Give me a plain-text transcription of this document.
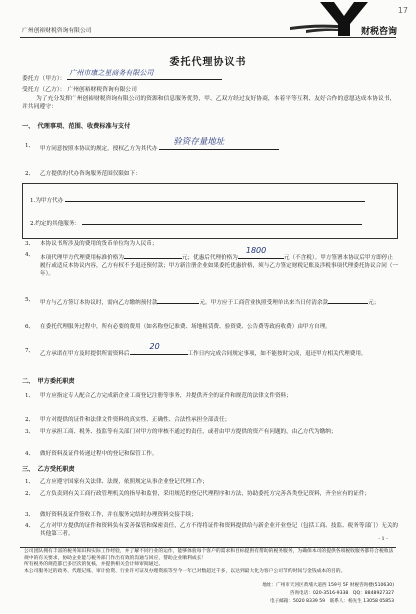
广州创裕财税咨询有限公司
17
财税咨询
委托代理协议书
委托方（甲方）：
广州市康之星商务有限公司
受托方（乙方）： 广州创裕财税咨询有限公司
为了充分发挥广州创裕财税咨询有限公司的资源和信息服务优势，甲、乙双方经过友好协商，本着平等互利、友好合作的意愿达成本协议书，并共同遵守：
一、　代理事项、范围、收费标准与支付
1、 甲方同意按照本协议的规定，授权乙方为其代办
验资存量地址
2、 乙方提供的代办咨询服务范围仅限如下：
1.为甲方代办
2.约定的其他服务：
3、 本协议书所涉及的费用的货币单位均为人民币；
4、 本项代理甲方代理费用标准价格为	元；优惠后代理价格为
1800
元（不含税）。甲方签署本协议后甲方即停止履行或适反本协议内容，乙方有权不予退还预付款；甲方新注册企业如果委托优惠价格，须与乙方签定财税记账及涉税事项代理委托协议合同（一年）。
5、 甲方与乙方签订本协议时，需向乙方缴纳预付款	元。甲方应于工商营业执照受理单出来当日付清余款	元；
6、 在委托代理服务过程中，所有必要的费用（如名称登记准费、场地租赁费、验资费、公告费等政府收费）由甲方自理。
7、 乙方承诺在甲方及时提供所需资料后
20
工作日内完成合同规定事项，如不能按时完成，退还甲方相关代理费用。
二、　甲方委托职责
1、 甲方应指定专人配合乙方完成新企业工商登记注册等事务，并提供齐全的证件和规范的法律文件资料；
2、 甲方对提供的证件和法律文件资料的真实性、正确性、合法性承担全部责任；
3、 甲方承担工商、税务、技监等有关部门对甲方的审核不通过的责任，或者由甲方提供的资产有问题的，由乙方代为缴纳；
4、 做好资料及证件传递过程中的登记和保管工作。
三、　乙方受托职责
1、 乙方应遵守国家有关法律、法规，依照规定从事企业登记代理工作；
2、 乙方负责到有关工商行政管理机关的指导和监督，采用规范的登记代理程序和方法，协助委托方完善各类登记资料，齐全应有的证件；
3、 做好资料及证件签收工作，并在服务完结时办理资料交接手续；
4、 乙方对甲方提供的证件和资料负有妥善保管和保密责任，乙方不得将证件和资料提供给与新企业开业登记（包括工商、技监、税务等部门）无关的其他第三者。
- 1 -
公司团队拥有丰富的税务知识和实际工作经验，并了解不同行业的运作，能够体验每个客户的需求和目标提供有帮助的税务服务，为确保本司的提供各项税收服务都符合税收法规中的有关要求，协助企业能与税务部门作出有效的沟通与回应，帮助企业顺利成长！
所有税务的规范都已多层次的复核，并提供相关会计师审阅通过。
本公司服务过的政务、代理记账、审计验资、行业许可证及办理资质等至今一年已对数超过千多，以达到最大化为客户公司节约时间与金钱成本的目的。
地址：广州市天河区黄埔大道西 159号 5F 财税咨询楼(510630)
咨询电话：020-3516-9338　QQ：8848927327
电子邮箱：5020 8339 59　联系人：杨先生 13058 05853
